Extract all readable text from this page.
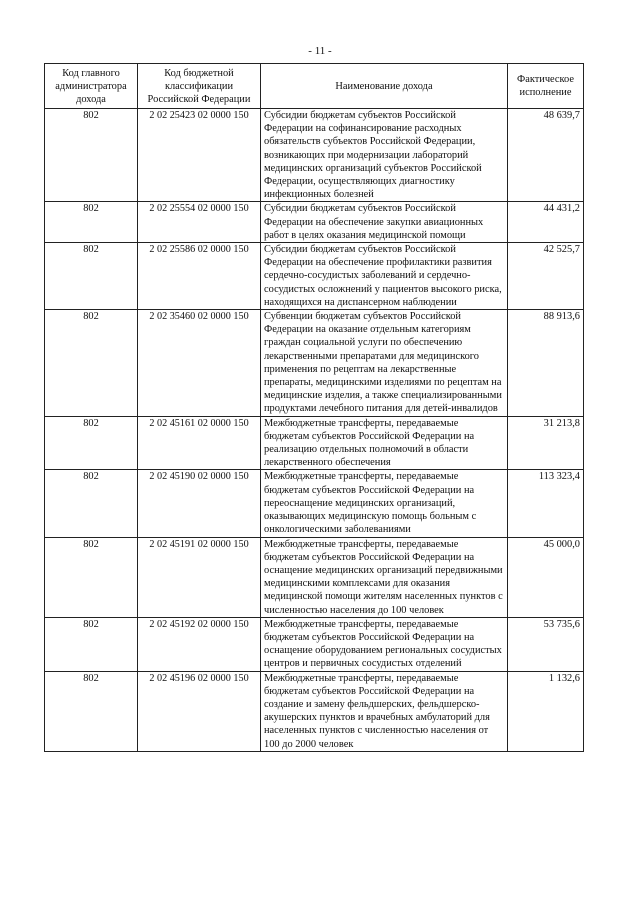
- 11 -
Код главного администратора дохода	Код бюджетной классификации Российской Федерации	Наименование дохода	Фактическое исполнение
802	2 02 25423 02 0000 150	Субсидии бюджетам субъектов Российской Федерации на софинансирование расходных обязательств субъектов Российской Федерации, возникающих при модернизации лабораторий медицинских организаций субъектов Российской Федерации, осуществляющих диагностику инфекционных болезней	48 639,7
802	2 02 25554 02 0000 150	Субсидии бюджетам субъектов Российской Федерации на обеспечение закупки авиационных работ в целях оказания медицинской помощи	44 431,2
802	2 02 25586 02 0000 150	Субсидии бюджетам субъектов Российской Федерации на обеспечение профилактики развития сердечно-сосудистых заболеваний и сердечно-сосудистых осложнений у пациентов высокого риска, находящихся на диспансерном наблюдении	42 525,7
802	2 02 35460 02 0000 150	Субвенции бюджетам субъектов Российской Федерации на оказание отдельным категориям граждан социальной услуги по обеспечению лекарственными препаратами для медицинского применения по рецептам на лекарственные препараты, медицинскими изделиями по рецептам на медицинские изделия, а также специализированными продуктами лечебного питания для детей-инвалидов	88 913,6
802	2 02 45161 02 0000 150	Межбюджетные трансферты, передаваемые бюджетам субъектов Российской Федерации на реализацию отдельных полномочий в области лекарственного обеспечения	31 213,8
802	2 02 45190 02 0000 150	Межбюджетные трансферты, передаваемые бюджетам субъектов Российской Федерации на переоснащение медицинских организаций, оказывающих медицинскую помощь больным с онкологическими заболеваниями	113 323,4
802	2 02 45191 02 0000 150	Межбюджетные трансферты, передаваемые бюджетам субъектов Российской Федерации на оснащение медицинских организаций передвижными медицинскими комплексами для оказания медицинской помощи жителям населенных пунктов с численностью населения до 100 человек	45 000,0
802	2 02 45192 02 0000 150	Межбюджетные трансферты, передаваемые бюджетам субъектов Российской Федерации на оснащение оборудованием региональных сосудистых центров и первичных сосудистых отделений	53 735,6
802	2 02 45196 02 0000 150	Межбюджетные трансферты, передаваемые бюджетам субъектов Российской Федерации на создание и замену фельдшерских, фельдшерско-акушерских пунктов и врачебных амбулаторий для населенных пунктов с численностью населения от 100 до 2000 человек	1 132,6
